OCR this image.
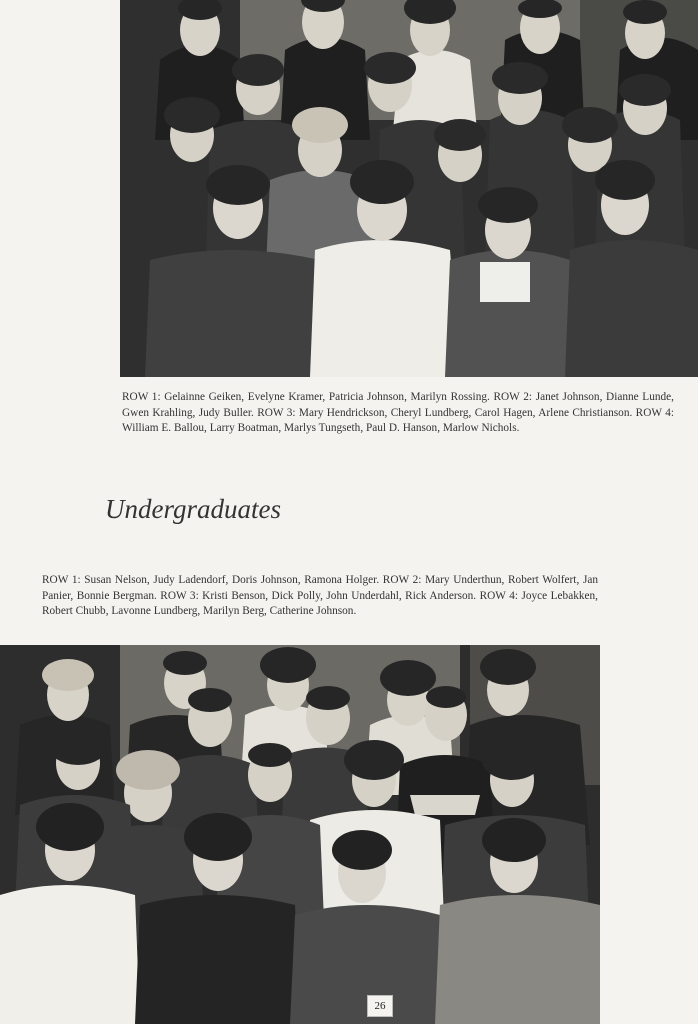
ROW 1: Gelainne Geiken, Evelyne Kramer, Patricia Johnson, Marilyn Rossing. ROW 2: Janet Johnson, Dianne Lunde, Gwen Krahling, Judy Buller. ROW 3: Mary Hendrickson, Cheryl Lundberg, Carol Hagen, Arlene Christianson. ROW 4: William E. Ballou, Larry Boatman, Marlys Tungseth, Paul D. Hanson, Marlow Nichols.

Undergraduates

ROW 1: Susan Nelson, Judy Ladendorf, Doris Johnson, Ramona Holger. ROW 2: Mary Underthun, Robert Wolfert, Jan Panier, Bonnie Bergman. ROW 3: Kristi Benson, Dick Polly, John Underdahl, Rick Anderson. ROW 4: Joyce Lebakken, Robert Chubb, Lavonne Lundberg, Marilyn Berg, Catherine Johnson.

26
